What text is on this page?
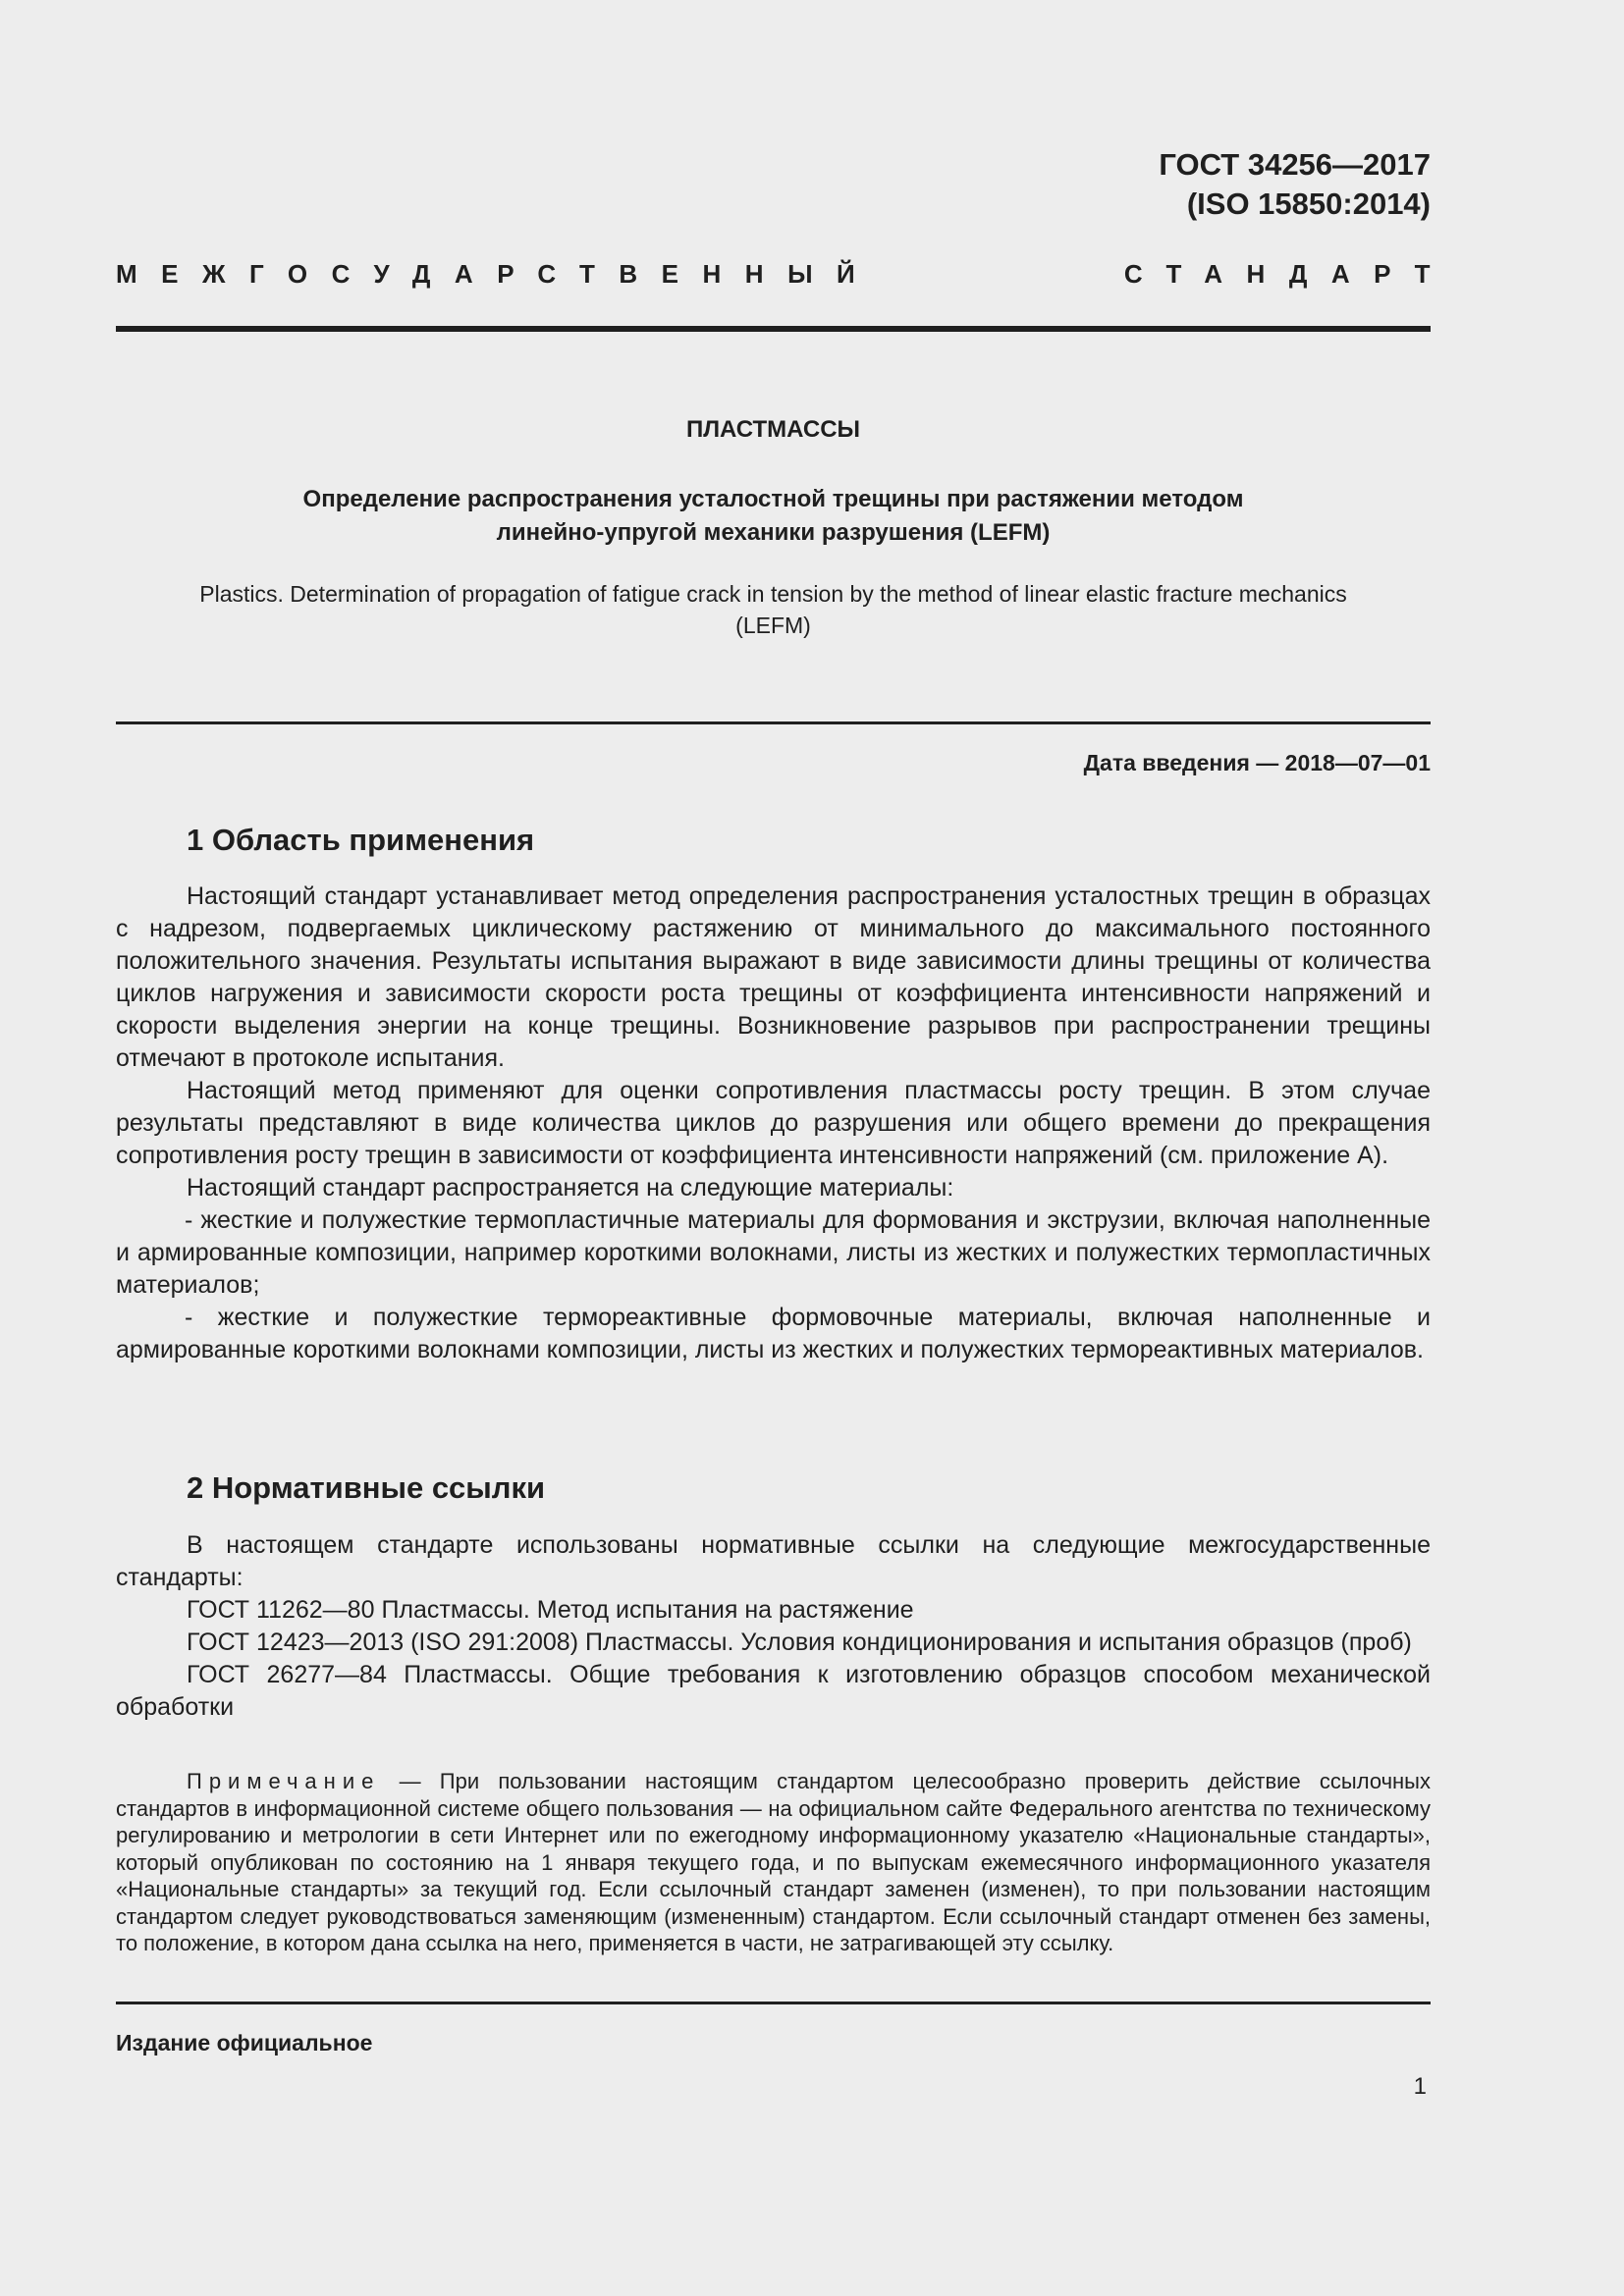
ГОСТ 34256—2017
(ISO 15850:2014)
МЕЖГОСУДАРСТВЕННЫЙ	СТАНДАРТ
ПЛАСТМАССЫ
Определение распространения усталостной трещины при растяжении методом
линейно-упругой механики разрушения (LEFM)
Plastics. Determination of propagation of fatigue crack in tension by the method of linear elastic fracture mechanics
(LEFM)
Дата введения — 2018—07—01
1 Область применения

Настоящий стандарт устанавливает метод определения распространения усталостных трещин в образцах с надрезом, подвергаемых циклическому растяжению от минимального до максимального постоянного положительного значения. Результаты испытания выражают в виде зависимости длины трещины от количества циклов нагружения и зависимости скорости роста трещины от коэффициента интенсивности напряжений и скорости выделения энергии на конце трещины. Возникновение разрывов при распространении трещины отмечают в протоколе испытания.

Настоящий метод применяют для оценки сопротивления пластмассы росту трещин. В этом случае результаты представляют в виде количества циклов до разрушения или общего времени до прекращения сопротивления росту трещин в зависимости от коэффициента интенсивности напряжений (см. приложение А).

Настоящий стандарт распространяется на следующие материалы:

- жесткие и полужесткие термопластичные материалы для формования и экструзии, включая наполненные и армированные композиции, например короткими волокнами, листы из жестких и полужестких термопластичных материалов;

- жесткие и полужесткие термореактивные формовочные материалы, включая наполненные и армированные короткими волокнами композиции, листы из жестких и полужестких термореактивных материалов.

2 Нормативные ссылки

В настоящем стандарте использованы нормативные ссылки на следующие межгосударственные стандарты:

ГОСТ 11262—80 Пластмассы. Метод испытания на растяжение

ГОСТ 12423—2013 (ISO 291:2008) Пластмассы. Условия кондиционирования и испытания образцов (проб)

ГОСТ 26277—84 Пластмассы. Общие требования к изготовлению образцов способом механической обработки

Примечание — При пользовании настоящим стандартом целесообразно проверить действие ссылочных стандартов в информационной системе общего пользования — на официальном сайте Федерального агентства по техническому регулированию и метрологии в сети Интернет или по ежегодному информационному указателю «Национальные стандарты», который опубликован по состоянию на 1 января текущего года, и по выпускам ежемесячного информационного указателя «Национальные стандарты» за текущий год. Если ссылочный стандарт заменен (изменен), то при пользовании настоящим стандартом следует руководствоваться заменяющим (измененным) стандартом. Если ссылочный стандарт отменен без замены, то положение, в котором дана ссылка на него, применяется в части, не затрагивающей эту ссылку.

Издание официальное
1
